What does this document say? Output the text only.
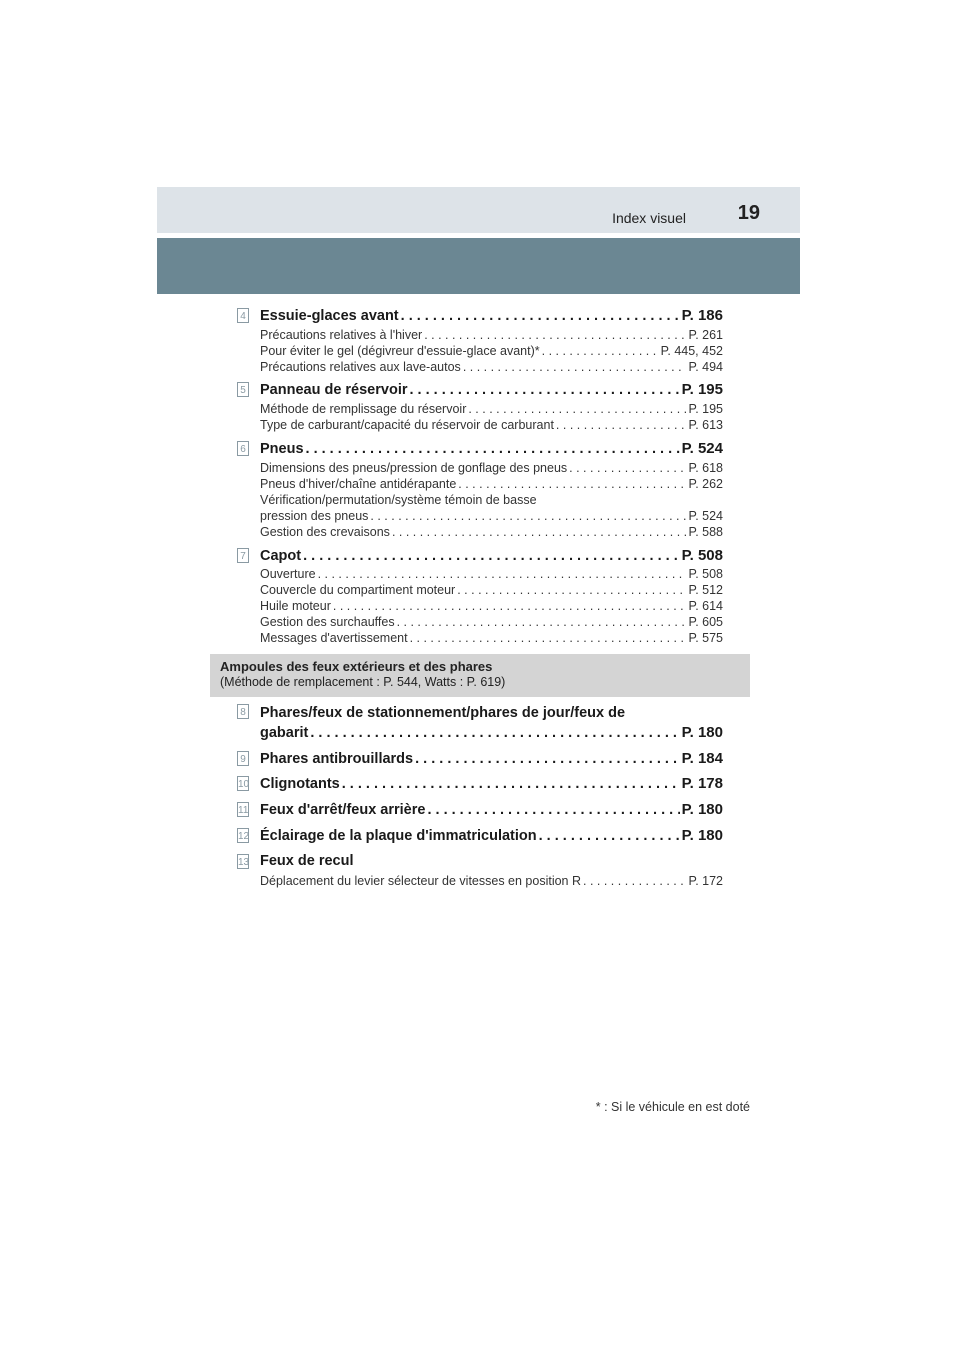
Index visuel	19
4 Essuie-glaces avant . . .	P. 186
Précautions relatives à l'hiver . . .	P. 261
Pour éviter le gel (dégivreur d'essuie-glace avant)* . . .	P. 445, 452
Précautions relatives aux lave-autos . . .	P. 494
5 Panneau de réservoir . . .	P. 195
Méthode de remplissage du réservoir . . .	P. 195
Type de carburant/capacité du réservoir de carburant . . .	P. 613
6 Pneus . . .	P. 524
Dimensions des pneus/pression de gonflage des pneus . . .	P. 618
Pneus d'hiver/chaîne antidérapante . . .	P. 262
Vérification/permutation/système témoin de basse
pression des pneus . . .	P. 524
Gestion des crevaisons . . .	P. 588
7 Capot . . .	P. 508
Ouverture . . .	P. 508
Couvercle du compartiment moteur . . .	P. 512
Huile moteur . . .	P. 614
Gestion des surchauffes . . .	P. 605
Messages d'avertissement . . .	P. 575
Ampoules des feux extérieurs et des phares
(Méthode de remplacement : P. 544, Watts : P. 619)
8 Phares/feux de stationnement/phares de jour/feux de
gabarit . . .	P. 180
9 Phares antibrouillards . . .	P. 184
10 Clignotants . . .	P. 178
11 Feux d'arrêt/feux arrière . . .	P. 180
12 Éclairage de la plaque d'immatriculation . . .	P. 180
13 Feux de recul
Déplacement du levier sélecteur de vitesses en position R . . .	P. 172
* : Si le véhicule en est doté
